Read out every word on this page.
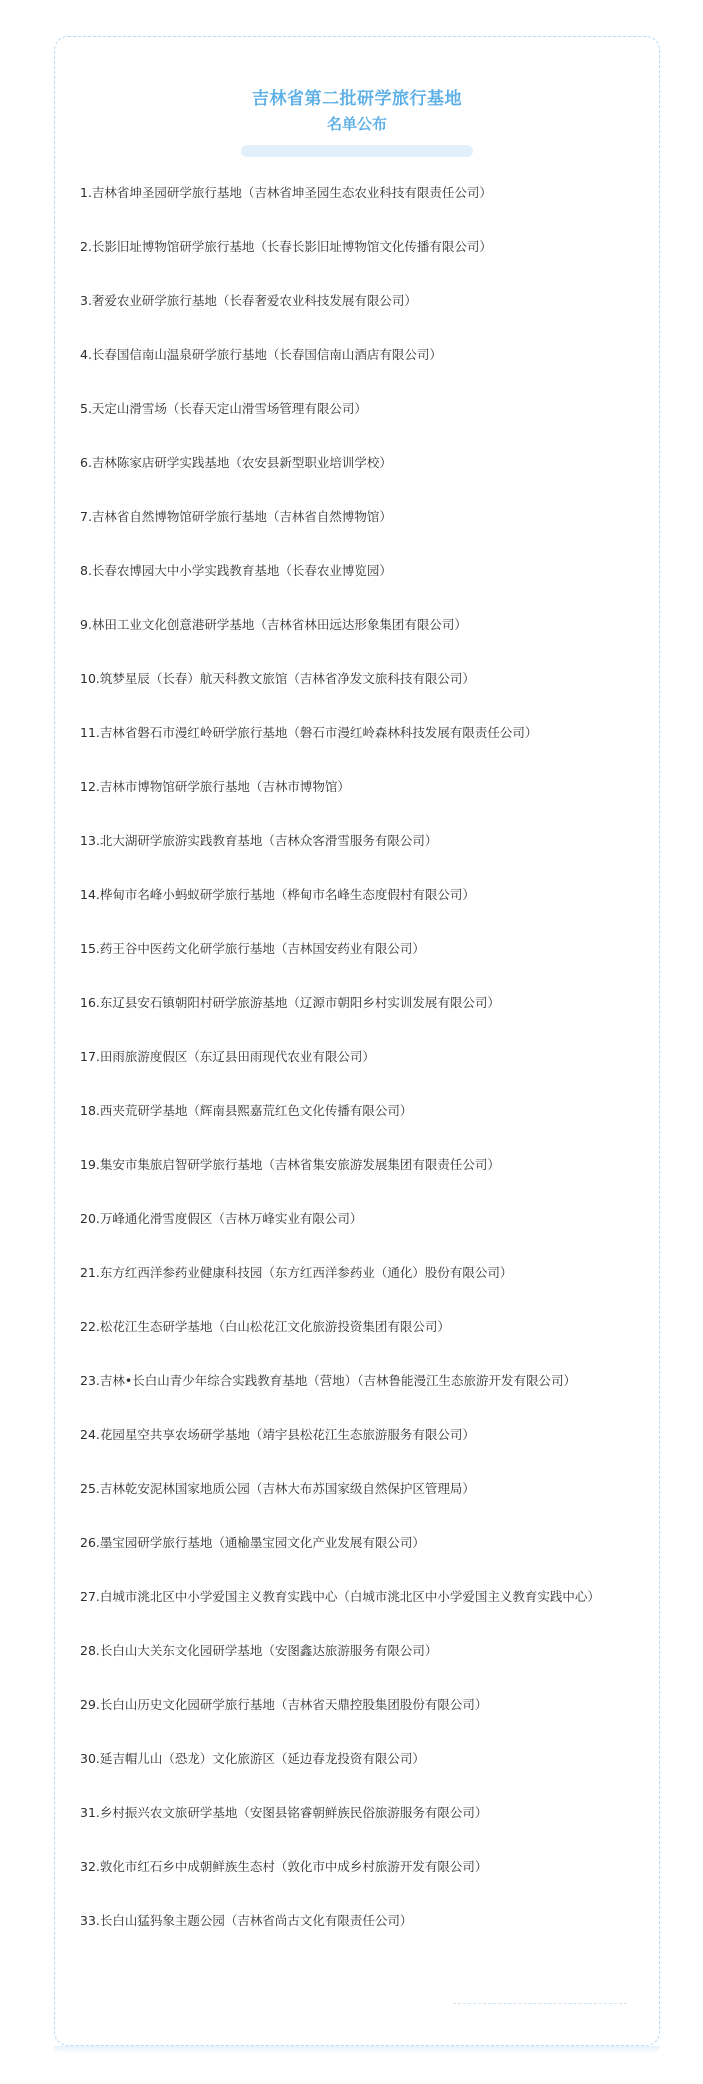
吉林省第二批研学旅行基地
名单公布
1.吉林省坤圣园研学旅行基地（吉林省坤圣园生态农业科技有限责任公司）
2.长影旧址博物馆研学旅行基地（长春长影旧址博物馆文化传播有限公司）
3.奢爱农业研学旅行基地（长春奢爱农业科技发展有限公司）
4.长春国信南山温泉研学旅行基地（长春国信南山酒店有限公司）
5.天定山滑雪场（长春天定山滑雪场管理有限公司）
6.吉林陈家店研学实践基地（农安县新型职业培训学校）
7.吉林省自然博物馆研学旅行基地（吉林省自然博物馆）
8.长春农博园大中小学实践教育基地（长春农业博览园）
9.林田工业文化创意港研学基地（吉林省林田远达形象集团有限公司）
10.筑梦星辰（长春）航天科教文旅馆（吉林省净发文旅科技有限公司）
11.吉林省磐石市漫红岭研学旅行基地（磐石市漫红岭森林科技发展有限责任公司）
12.吉林市博物馆研学旅行基地（吉林市博物馆）
13.北大湖研学旅游实践教育基地（吉林众客滑雪服务有限公司）
14.桦甸市名峰小蚂蚁研学旅行基地（桦甸市名峰生态度假村有限公司）
15.药王谷中医药文化研学旅行基地（吉林国安药业有限公司）
16.东辽县安石镇朝阳村研学旅游基地（辽源市朝阳乡村实训发展有限公司）
17.田雨旅游度假区（东辽县田雨现代农业有限公司）
18.西夹荒研学基地（辉南县熙嘉荒红色文化传播有限公司）
19.集安市集旅启智研学旅行基地（吉林省集安旅游发展集团有限责任公司）
20.万峰通化滑雪度假区（吉林万峰实业有限公司）
21.东方红西洋参药业健康科技园（东方红西洋参药业（通化）股份有限公司）
22.松花江生态研学基地（白山松花江文化旅游投资集团有限公司）
23.吉林•长白山青少年综合实践教育基地（营地）（吉林鲁能漫江生态旅游开发有限公司）
24.花园星空共享农场研学基地（靖宇县松花江生态旅游服务有限公司）
25.吉林乾安泥林国家地质公园（吉林大布苏国家级自然保护区管理局）
26.墨宝园研学旅行基地（通榆墨宝园文化产业发展有限公司）
27.白城市洮北区中小学爱国主义教育实践中心（白城市洮北区中小学爱国主义教育实践中心）
28.长白山大关东文化园研学基地（安图鑫达旅游服务有限公司）
29.长白山历史文化园研学旅行基地（吉林省天鼎控股集团股份有限公司）
30.延吉帽儿山（恐龙）文化旅游区（延边春龙投资有限公司）
31.乡村振兴农文旅研学基地（安图县铭睿朝鲜族民俗旅游服务有限公司）
32.敦化市红石乡中成朝鲜族生态村（敦化市中成乡村旅游开发有限公司）
33.长白山猛犸象主题公园（吉林省尚古文化有限责任公司）
